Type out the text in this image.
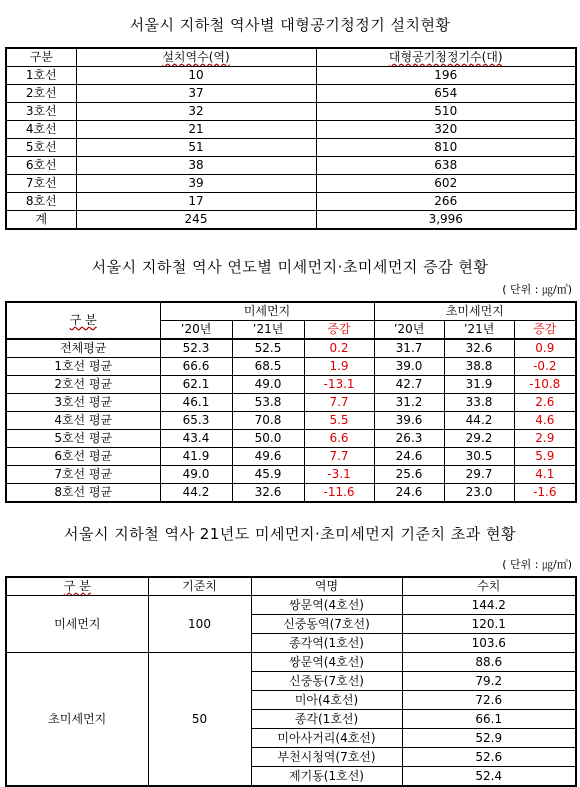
서울시 지하철 역사별 대형공기청정기 설치현황
구분	설치역수(역)	대형공기청정기수(대)
1호선	10	196
2호선	37	654
3호선	32	510
4호선	21	320
5호선	51	810
6호선	38	638
7호선	39	602
8호선	17	266
계	245	3,996
서울시 지하철 역사 연도별 미세먼지·초미세먼지 증감 현황
( 단위 : ㎍/㎥)
구 분	미세먼지			초미세먼지		
	’20년	’21년	증감	’20년	’21년	증감
전체평균	52.3	52.5	0.2	31.7	32.6	0.9
1호선 평균	66.6	68.5	1.9	39.0	38.8	-0.2
2호선 평균	62.1	49.0	-13.1	42.7	31.9	-10.8
3호선 평균	46.1	53.8	7.7	31.2	33.8	2.6
4호선 평균	65.3	70.8	5.5	39.6	44.2	4.6
5호선 평균	43.4	50.0	6.6	26.3	29.2	2.9
6호선 평균	41.9	49.6	7.7	24.6	30.5	5.9
7호선 평균	49.0	45.9	-3.1	25.6	29.7	4.1
8호선 평균	44.2	32.6	-11.6	24.6	23.0	-1.6
서울시 지하철 역사 21년도 미세먼지·초미세먼지 기준치 초과 현황
( 단위 : ㎍/㎥)
구 분	기준치	역명	수치
미세먼지	100	쌍문역(4호선)	144.2
		신중동역(7호선)	120.1
		종각역(1호선)	103.6
초미세먼지	50	쌍문역(4호선)	88.6
		신중동(7호선)	79.2
		미아(4호선)	72.6
		종각(1호선)	66.1
		미아사거리(4호선)	52.9
		부천시청역(7호선)	52.6
		제기동(1호선)	52.4
